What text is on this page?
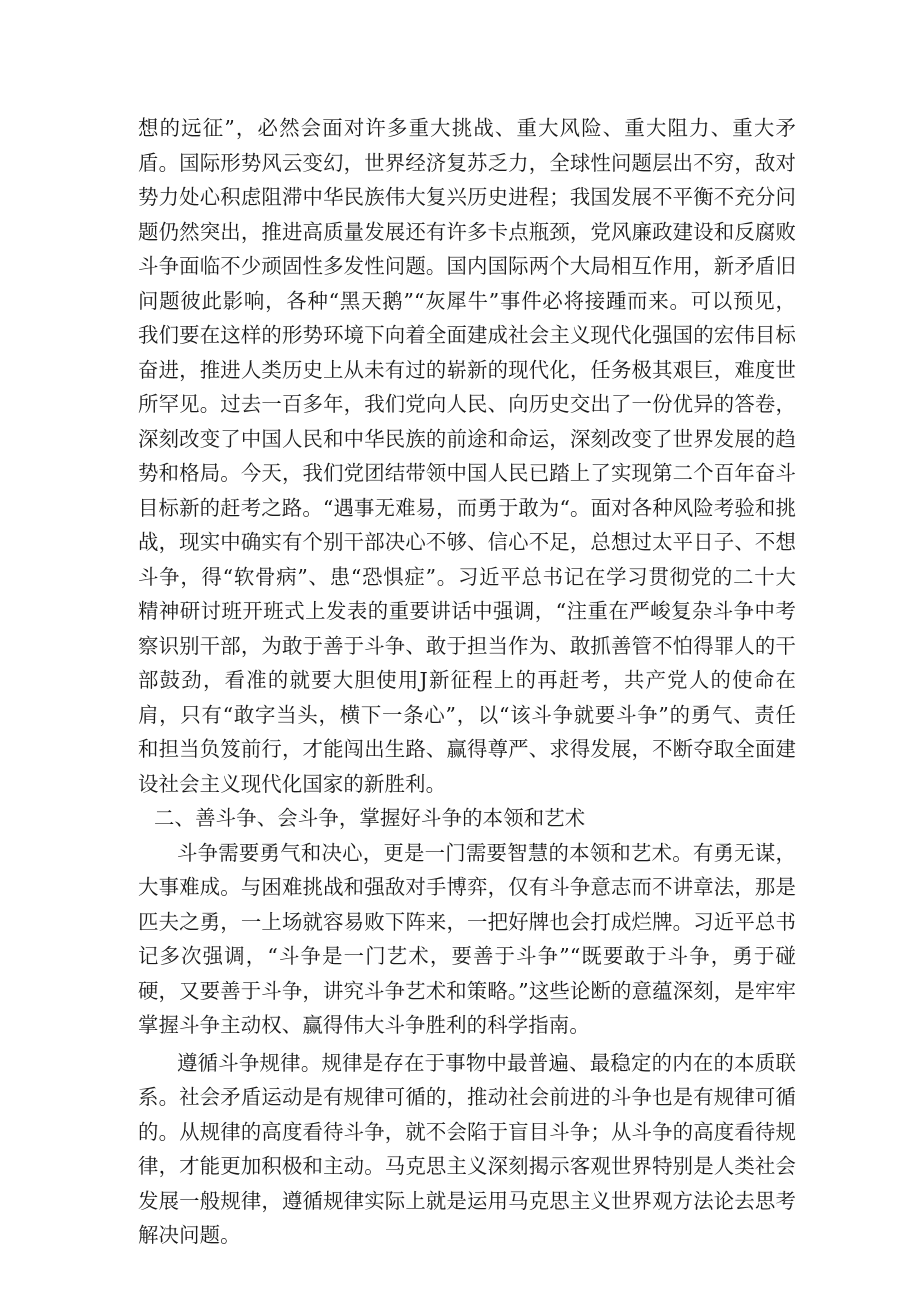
想的远征”，必然会面对许多重大挑战、重大风险、重大阻力、重大矛盾。国际形势风云变幻，世界经济复苏乏力，全球性问题层出不穷，敌对势力处心积虑阻滞中华民族伟大复兴历史进程；我国发展不平衡不充分问题仍然突出，推进高质量发展还有许多卡点瓶颈，党风廉政建设和反腐败斗争面临不少顽固性多发性问题。国内国际两个大局相互作用，新矛盾旧问题彼此影响，各种“黑天鹅”“灰犀牛”事件必将接踵而来。可以预见，我们要在这样的形势环境下向着全面建成社会主义现代化强国的宏伟目标奋进，推进人类历史上从未有过的崭新的现代化，任务极其艰巨，难度世所罕见。过去一百多年，我们党向人民、向历史交出了一份优异的答卷，深刻改变了中国人民和中华民族的前途和命运，深刻改变了世界发展的趋势和格局。今天，我们党团结带领中国人民已踏上了实现第二个百年奋斗目标新的赶考之路。“遇事无难易，而勇于敢为“。面对各种风险考验和挑战，现实中确实有个别干部决心不够、信心不足，总想过太平日子、不想斗争，得“软骨病”、患“恐惧症”。习近平总书记在学习贯彻党的二十大精神研讨班开班式上发表的重要讲话中强调，“注重在严峻复杂斗争中考察识别干部，为敢于善于斗争、敢于担当作为、敢抓善管不怕得罪人的干部鼓劲，看准的就要大胆使用J新征程上的再赶考，共产党人的使命在肩，只有“敢字当头，横下一条心”，以“该斗争就要斗争”的勇气、责任和担当负笈前行，才能闯出生路、赢得尊严、求得发展，不断夺取全面建设社会主义现代化国家的新胜利。

二、善斗争、会斗争，掌握好斗争的本领和艺术

斗争需要勇气和决心，更是一门需要智慧的本领和艺术。有勇无谋，大事难成。与困难挑战和强敌对手博弈，仅有斗争意志而不讲章法，那是匹夫之勇，一上场就容易败下阵来，一把好牌也会打成烂牌。习近平总书记多次强调，“斗争是一门艺术，要善于斗争”“既要敢于斗争，勇于碰硬，又要善于斗争，讲究斗争艺术和策略。”这些论断的意蕴深刻，是牢牢掌握斗争主动权、赢得伟大斗争胜利的科学指南。

遵循斗争规律。规律是存在于事物中最普遍、最稳定的内在的本质联系。社会矛盾运动是有规律可循的，推动社会前进的斗争也是有规律可循的。从规律的高度看待斗争，就不会陷于盲目斗争；从斗争的高度看待规律，才能更加积极和主动。马克思主义深刻揭示客观世界特别是人类社会发展一般规律，遵循规律实际上就是运用马克思主义世界观方法论去思考解决问题。
